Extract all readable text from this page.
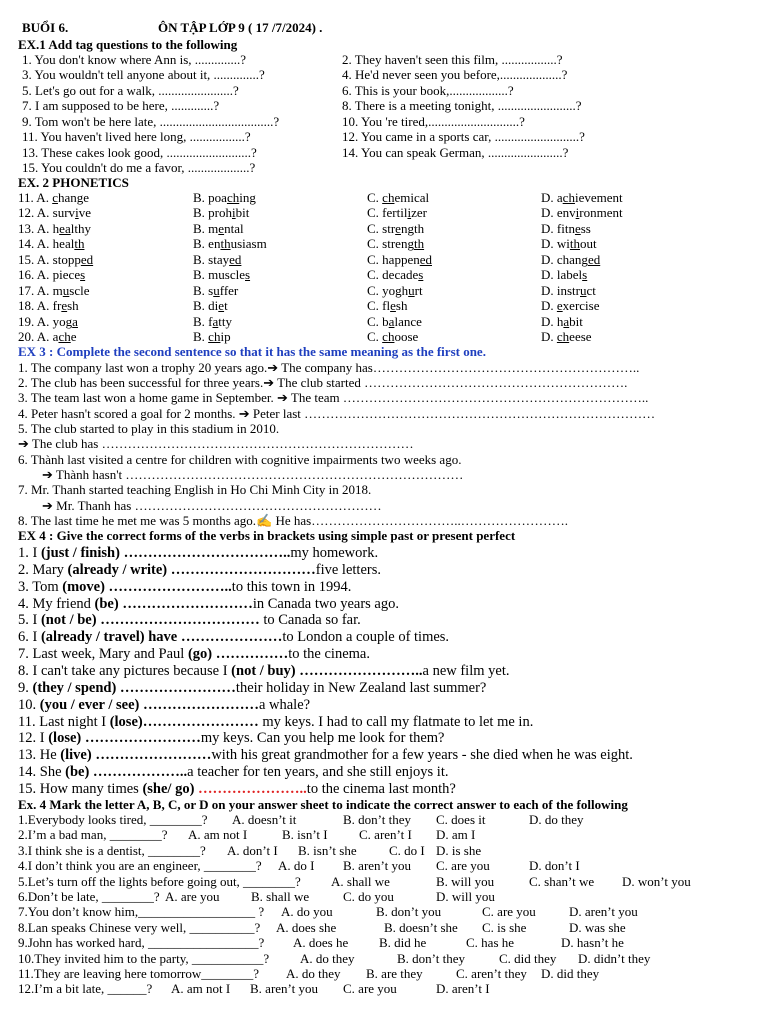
BUỔI 6.	ÔN TẬP LỚP 9 ( 17 /7/2024) .
EX.1 Add tag questions to the following
1. You don't know where Ann is, ..............?
3. You wouldn't tell anyone about it, ..............?
5. Let's go out for a walk, .......................?
7. I am supposed to be here, .............?
9. Tom won't be here late, ...................................?
11. You haven't lived here long, .................?
13. These cakes look good, ..........................?
15. You couldn't do me a favor, ...................?
2. They haven't seen this film, .................?
4. He'd never seen you before,...................?
6. This is your book,..................?
8. There is a meeting tonight, ........................?
10. You 're tired,............................?
12. You came in a sports car, ..........................?
14. You can speak German, .......................?
EX. 2 PHONETICS
11. A. change	B. poaching	C. chemical	D. achievement
12. A. survive	B. prohibit	C. fertilizer	D. environment
13. A. healthy	B. mental	C. strength	D. fitness
14. A. health	B. enthusiasm	C. strength	D. without
15. A. stopped	B. stayed	C. happened	D. changed
16. A. pieces	B. muscles	C. decades	D. labels
17. A. muscle	B. suffer	C. yoghurt	D. instruct
18. A. fresh	B. diet	C. flesh	D. exercise
19. A. yoga	B. fatty	C. balance	D. habit
20. A. ache	B. chip	C. choose	D. cheese
EX 3 : Complete the second sentence so that it has the same meaning as the first one.
1. The company last won a trophy 20 years ago.➔ The company has……………………………………………………..
2. The club has been successful for three years.➔ The club started …………………………………………………….
3. The team last won a home game in September. ➔ The team ……………………………………………………………..
4. Peter hasn't scored a goal for 2 months. ➔ Peter last ………………………………………………………………………
5. The club started to play in this stadium in 2010.
➔ The club has ………………………………………………………………
6. Thành last visited a centre for children with cognitive impairments two weeks ago.
➔ Thành hasn't ……………………………………………………………………
7. Mr. Thanh started teaching English in Ho Chi Minh City in 2018.
➔ Mr. Thanh has …………………………………………………
8. The last time he met me was 5 months ago.✍ He has……………………………..…………………….
EX 4 : Give the correct forms of the verbs in brackets using simple past or present perfect
1. I (just / finish) ……………………………..my homework.
2. Mary (already / write) …………………………five letters.
3. Tom (move) ……………………..to this town in 1994.
4. My friend (be) ………………………in Canada two years ago.
5. I (not / be) …………………………… to Canada so far.
6. I (already / travel) have …………………to London a couple of times.
7. Last week, Mary and Paul (go) ……………to the cinema.
8. I can't take any pictures because I (not / buy) ……………………..a new film yet.
9. (they / spend) ……………………their holiday in New Zealand last summer?
10. (you / ever / see) ……………………a whale?
11. Last night I (lose)…………………… my keys. I had to call my flatmate to let me in.
12. I (lose) ……………………my keys. Can you help me look for them?
13. He (live) ……………………with his great grandmother for a few years - she died when he was eight.
14. She (be) ………………..a teacher for ten years, and she still enjoys it.
15. How many times (she/ go) …………………..to the cinema last month?
Ex. 4 Mark the letter A, B, C, or D on your answer sheet to indicate the correct answer to each of the following
1.Everybody looks tired, ________? A. doesn’t it	B. don’t they C. does it	D. do they
2.I’m a bad man, ________? A. am not I	B. isn’t I C. aren’t I D. am I
3.I think she is a dentist, ________? A. don’t I B. isn’t she C. do I D. is she
4.I don’t think you are an engineer, ________? A. do I B. aren’t you C. are you	D. don’t I
5.Let’s turn off the lights before going out, ________? A. shall we	B. will you	C. shan’t we D. won’t you
6.Don’t be late, ________? A. are you B. shall we	C. do you	D. will you
7.You don’t know him,__________________ ? A. do you	B. don’t you	C. are you	D. aren’t you
8.Lan speaks Chinese very well, __________? A. does she	B. doesn’t she C. is she	D. was she
9.John has worked hard, _________________? A. does he B. did he	C. has he	D. hasn’t he
10.They invited him to the party, ___________? A. do they	B. don’t they	C. did they D. didn’t they
11.They are leaving here tomorrow________? A. do they B. are they	C. aren’t they D. did they
12.I’m a bit late, ______? A. am not I B. aren’t you C. are you	D. aren’t I
